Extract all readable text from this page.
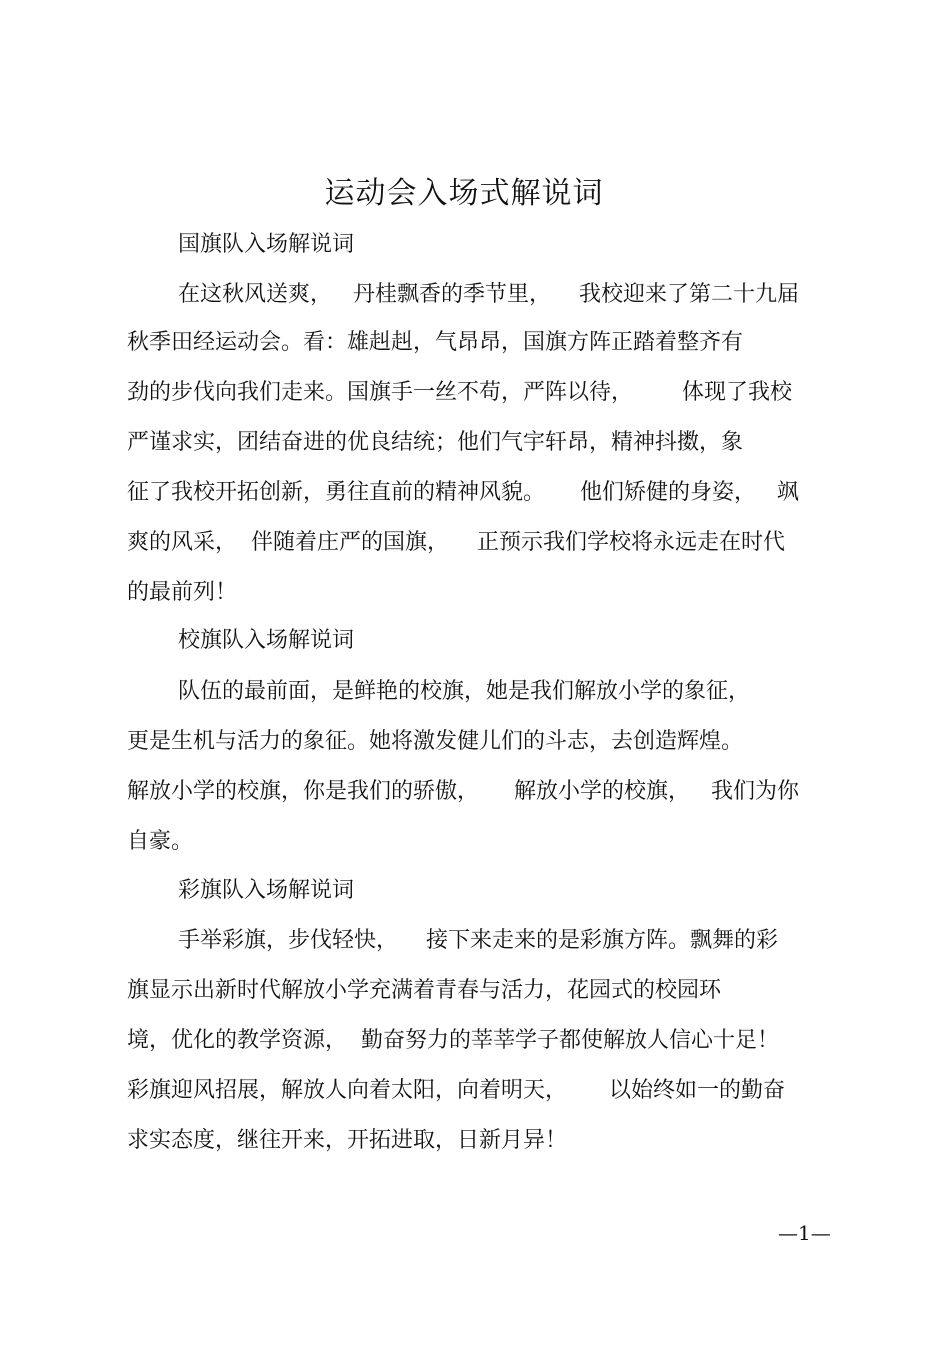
运动会入场式解说词
国旗队入场解说词
在这秋风送爽，   丹桂飘香的季节里，    我校迎来了第二十九届
秋季田经运动会。看：雄赳赳，气昂昂，国旗方阵正踏着整齐有
劲的步伐向我们走来。国旗手一丝不苟，严阵以待，       体现了我校
严谨求实，团结奋进的优良结统；他们气宇轩昂，精神抖擞，象
征了我校开拓创新，勇往直前的精神风貌。     他们矫健的身姿，   飒
爽的风采，  伴随着庄严的国旗，    正预示我们学校将永远走在时代
的最前列！
校旗队入场解说词
队伍的最前面，是鲜艳的校旗，她是我们解放小学的象征，
更是生机与活力的象征。她将激发健儿们的斗志，去创造辉煌。
解放小学的校旗，你是我们的骄傲，     解放小学的校旗，   我们为你
自豪。
彩旗队入场解说词
手举彩旗，步伐轻快，    接下来走来的是彩旗方阵。飘舞的彩
旗显示出新时代解放小学充满着青春与活力，花园式的校园环
境，优化的教学资源，  勤奋努力的莘莘学子都使解放人信心十足！
彩旗迎风招展，解放人向着太阳，向着明天，      以始终如一的勤奋
求实态度，继往开来，开拓进取，日新月异！
—1—
